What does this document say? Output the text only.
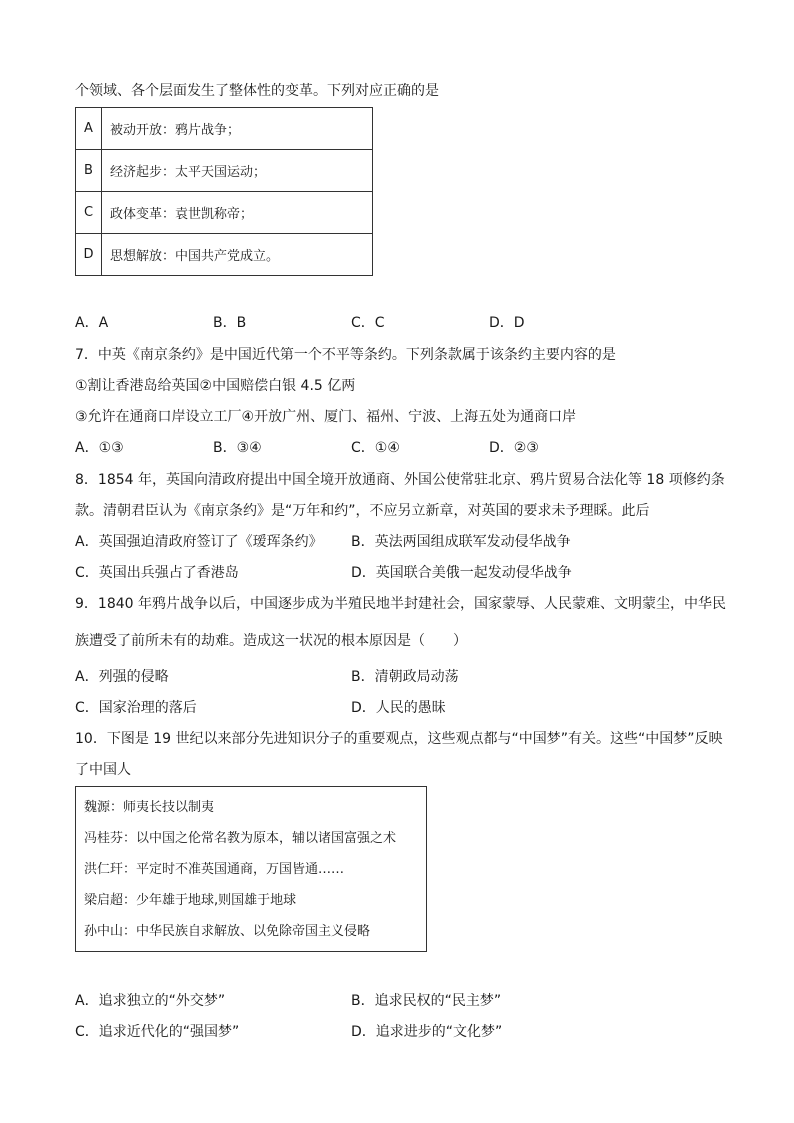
个领域、各个层面发生了整体性的变革。下列对应正确的是
A	被动开放：鸦片战争；
B	经济起步：太平天国运动；
C	政体变革：袁世凯称帝；
D	思想解放：中国共产党成立。
A．A	B．B	C．C	D．D
7．中英《南京条约》是中国近代第一个不平等条约。下列条款属于该条约主要内容的是
①割让香港岛给英国②中国赔偿白银 4.5 亿两
③允许在通商口岸设立工厂④开放广州、厦门、福州、宁波、上海五处为通商口岸
A．①③	B．③④	C．①④	D．②③
8．1854 年，英国向清政府提出中国全境开放通商、外国公使常驻北京、鸦片贸易合法化等 18 项修约条
款。清朝君臣认为《南京条约》是“万年和约”，不应另立新章，对英国的要求未予理睬。此后
A．英国强迫清政府签订了《瑷珲条约》 B．英法两国组成联军发动侵华战争
C．英国出兵强占了香港岛	D．英国联合美俄一起发动侵华战争
9．1840 年鸦片战争以后，中国逐步成为半殖民地半封建社会，国家蒙辱、人民蒙难、文明蒙尘，中华民
族遭受了前所未有的劫难。造成这一状况的根本原因是（　　）
A．列强的侵略	B．清朝政局动荡
C．国家治理的落后	D．人民的愚昧
10．下图是 19 世纪以来部分先进知识分子的重要观点，这些观点都与“中国梦”有关。这些“中国梦”反映
了中国人
魏源：师夷长技以制夷
冯桂芬：以中国之伦常名教为原本，辅以诸国富强之术
洪仁玕：平定时不准英国通商，万国皆通……
梁启超：少年雄于地球,则国雄于地球
孙中山：中华民族自求解放、以免除帝国主义侵略
A．追求独立的“外交梦”	B．追求民权的“民主梦”
C．追求近代化的“强国梦”	D．追求进步的“文化梦”
